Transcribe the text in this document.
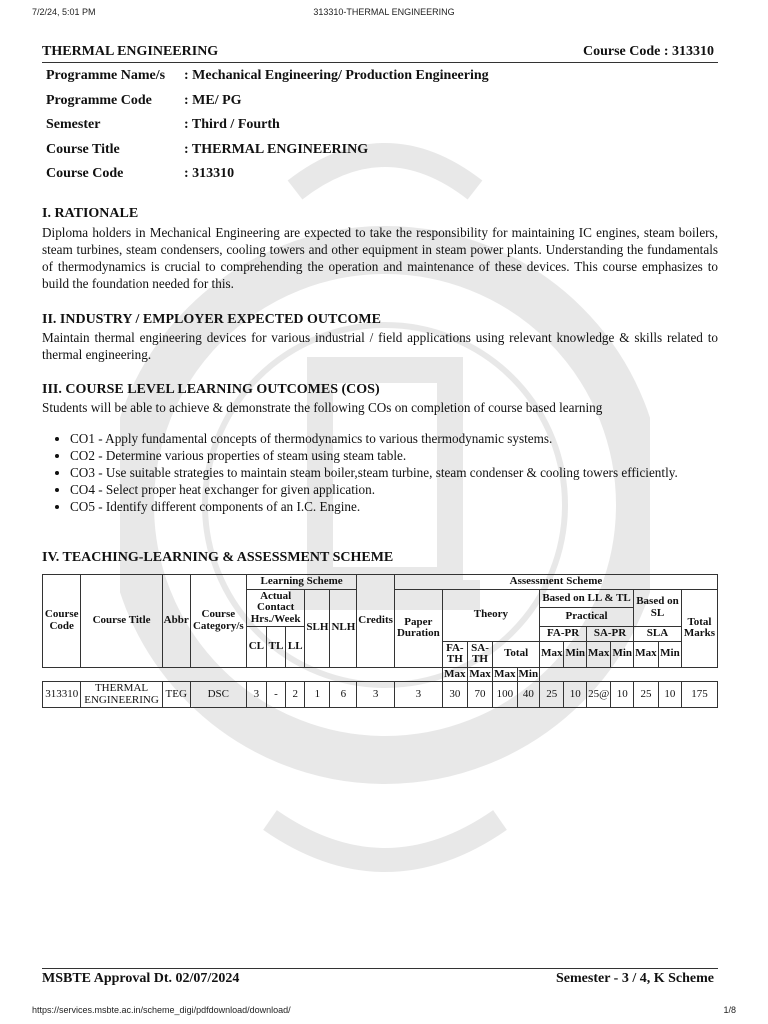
7/2/24, 5:01 PM	313310-THERMAL ENGINEERING
THERMAL ENGINEERING	Course Code : 313310
Programme Name/s : Mechanical Engineering/ Production Engineering
Programme Code : ME/ PG
Semester	: Third / Fourth
Course Title	: THERMAL ENGINEERING
Course Code	: 313310
I. RATIONALE
Diploma holders in Mechanical Engineering are expected to take the responsibility for maintaining IC engines, steam boilers, steam turbines, steam condensers, cooling towers and other equipment in steam power plants. Understanding the fundamentals of thermodynamics is crucial to comprehending the operation and maintenance of these devices. This course emphasizes to build the foundation needed for this.
II. INDUSTRY / EMPLOYER EXPECTED OUTCOME
Maintain thermal engineering devices for various industrial / field applications using relevant knowledge & skills related to thermal engineering.
III. COURSE LEVEL LEARNING OUTCOMES (COS)
Students will be able to achieve & demonstrate the following COs on completion of course based learning
• CO1 - Apply fundamental concepts of thermodynamics to various thermodynamic systems.
• CO2 - Determine various properties of steam using steam table.
• CO3 - Use suitable strategies to maintain steam boiler,steam turbine, steam condenser & cooling towers efficiently.
• CO4 - Select proper heat exchanger for given application.
• CO5 - Identify different components of an I.C. Engine.
IV. TEACHING-LEARNING & ASSESSMENT SCHEME
Course Code	Course Title	Abbr	Course Category/s	Learning Scheme					Credits	Assessment Scheme											
				Actual Contact Hrs./Week			SLH	NLH		Paper Duration	Theory				Based on LL & TL				Based on SL		Total Marks
															Practical						
				CL	TL	LL									FA-PR		SA-PR		SLA		
											FA-TH	SA-TH	Total		Max	Min	Max	Min	Max	Min	
											Max	Max	Max	Min							
313310	THERMAL ENGINEERING	TEG	DSC	3	-	2	1	6	3	3	30	70	100	40	25	10	25@	10	25	10	175
MSBTE Approval Dt. 02/07/2024	Semester - 3 / 4, K Scheme
https://services.msbte.ac.in/scheme_digi/pdfdownload/download/	1/8
